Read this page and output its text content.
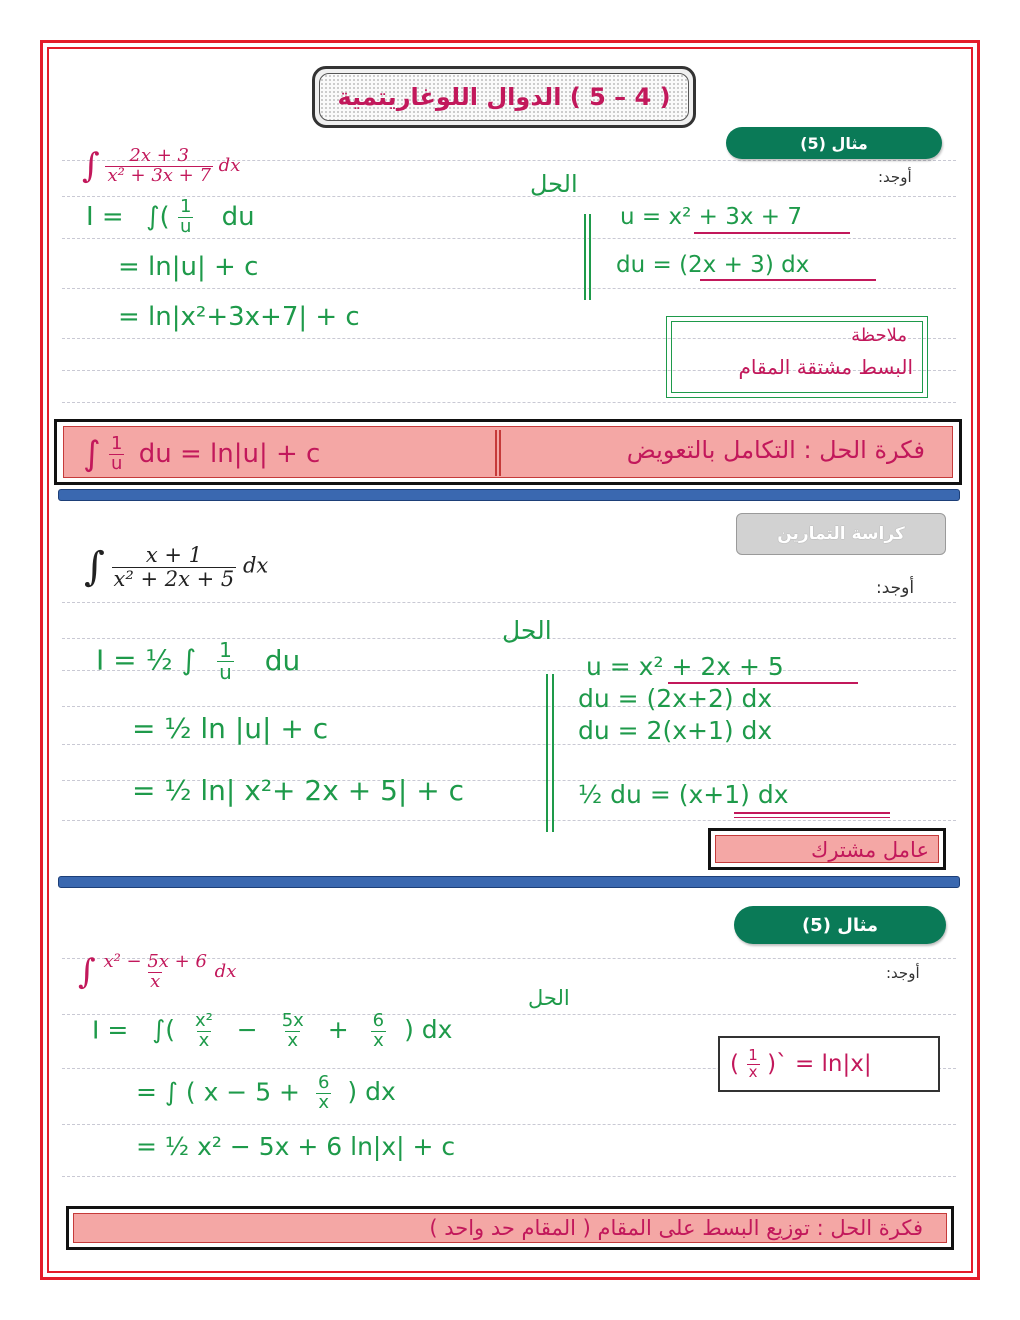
( 4 – 5 ) الدوال اللوغاريتمية
مثال (5)
أوجد:
∫ $\frac{2x + 3}{\text{x² + 3x + 7}}$ dx
الحل
I = ∫( $\frac{1}{u}$ du
= ln|u| + c
= ln|x²+3x+7| + c
u = x² + 3x + 7
du = (2x + 3) dx
ملاحظة
البسط مشتقة المقام
∫ $\frac{1}{u}$ du = ln|u| + c	فكرة الحل : التكامل بالتعويض
كراسة التمارين
أوجد:
∫ $\frac{x + 1}{\text{x² + 2x + 5}}$ dx
الحل
I = ½ ∫ $\frac{1}{u}$ du
= ½ ln |u| + c
= ½ ln| x²+ 2x + 5| + c
u = x² + 2x + 5
du = (2x+2) dx
du = 2(x+1) dx
½ du = (x+1) dx
عامل مشترك
مثال (5)
أوجد:
∫ $\frac{\text{x² − 5x + 6}}{x}$ dx
الحل
I = ∫( $\frac{\text{x²}}{x} - \frac{5x}{x} + \frac{6}{x}$ ) dx
= ∫ ( $x - 5 + \frac{6}{x}$ ) dx
= ½ x² − 5x + 6 ln|x| + c
( $\frac{1}{x}$ )` = ln|x|
فكرة الحل : توزيع البسط على المقام ( المقام حد واحد )
